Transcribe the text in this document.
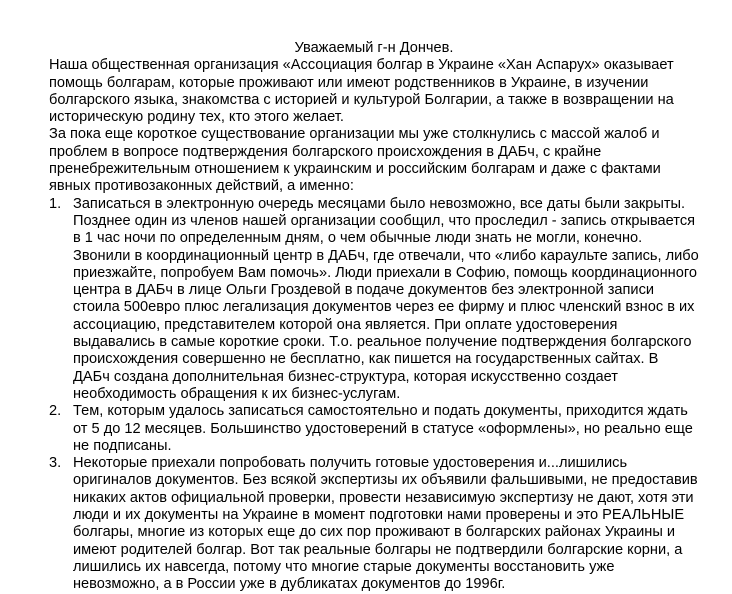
Уважаемый г-н Дончев.

Наша общественная организация «Ассоциация болгар в Украине «Хан Аспарух» оказывает помощь болгарам, которые проживают или имеют родственников в Украине, в изучении болгарского языка, знакомства с историей и культурой Болгарии, а также в возвращении на историческую родину тех, кто этого желает.

За пока еще короткое существование организации мы уже столкнулись с массой жалоб и проблем в вопросе подтверждения болгарского происхождения в ДАБч, с крайне пренебрежительным отношением к украинским и российским болгарам и даже с фактами явных противозаконных действий, а именно:

1. Записаться в электронную очередь месяцами было невозможно, все даты были закрыты. Позднее один из членов нашей организации сообщил, что проследил - запись открывается в 1 час ночи по определенным дням, о чем обычные люди знать не могли, конечно. Звонили в координационный центр в ДАБч, где отвечали, что «либо караульте запись, либо приезжайте, попробуем Вам помочь». Люди приехали в Софию, помощь координационного центра в ДАБч в лице Ольги Гроздевой в подаче документов без электронной записи стоила 500евро плюс легализация документов через ее фирму и плюс членский взнос в их ассоциацию, представителем которой она является. При оплате удостоверения выдавались в самые короткие сроки. Т.о. реальное получение подтверждения болгарского происхождения совершенно не бесплатно, как пишется на государственных сайтах. В ДАБч создана дополнительная бизнес-структура, которая искусственно создает необходимость обращения к их бизнес-услугам.
2. Тем, которым удалось записаться самостоятельно и подать документы, приходится ждать от 5 до 12 месяцев. Большинство удостоверений в статусе «оформлены», но реально еще не подписаны.
3. Некоторые приехали попробовать получить готовые удостоверения и...лишились оригиналов документов. Без всякой экспертизы их объявили фальшивыми, не предоставив никаких актов официальной проверки, провести независимую экспертизу не дают, хотя эти люди и их документы на Украине в момент подготовки нами проверены и это РЕАЛЬНЫЕ болгары, многие из которых еще до сих пор проживают в болгарских районах Украины и имеют родителей болгар. Вот так реальные болгары не подтвердили болгарские корни, а лишились их навсегда, потому что многие старые документы восстановить уже невозможно, а в России уже в дубликатах документов до 1996г.
